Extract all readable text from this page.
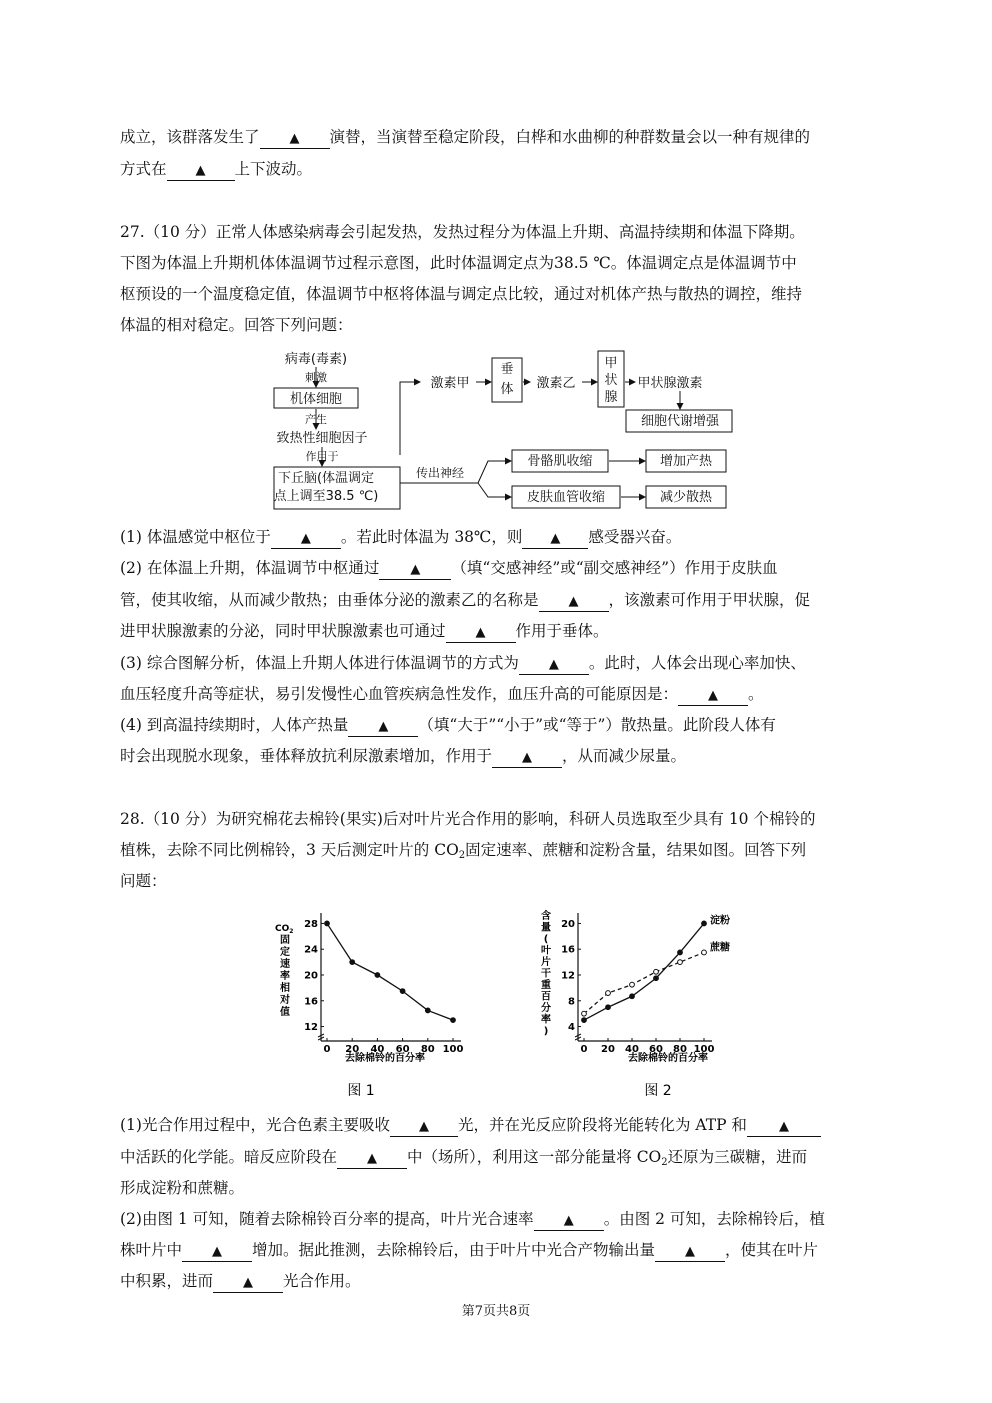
成立，该群落发生了 ▲ 演替，当演替至稳定阶段，白桦和水曲柳的种群数量会以一种有规律的
方式在 ▲ 上下波动。
27.（10 分）正常人体感染病毒会引起发热，发热过程分为体温上升期、高温持续期和体温下降期。
下图为体温上升期机体体温调节过程示意图，此时体温调定点为38.5 ℃。体温调定点是体温调节中
枢预设的一个温度稳定值，体温调节中枢将体温与调定点比较，通过对机体产热与散热的调控，维持
体温的相对稳定。回答下列问题：
病毒(毒素)
刺激
机体细胞
产生
致热性细胞因子
作用于
下丘脑(体温调定
点上调至38.5 ℃)
激素甲	激素乙	甲状腺激素
细胞代谢增强
传出神经
骨骼肌收缩	增加产热
皮肤血管收缩	减少散热
垂
体
甲
状
腺
(1) 体温感觉中枢位于 ▲ 。若此时体温为 38℃，则 ▲ 感受器兴奋。
(2) 在体温上升期，体温调节中枢通过 ▲ （填“交感神经”或“副交感神经”）作用于皮肤血
管，使其收缩，从而减少散热；由垂体分泌的激素乙的名称是 ▲ ，该激素可作用于甲状腺，促
进甲状腺激素的分泌，同时甲状腺激素也可通过 ▲ 作用于垂体。
(3) 综合图解分析，体温上升期人体进行体温调节的方式为 ▲ 。此时，人体会出现心率加快、
血压轻度升高等症状，易引发慢性心血管疾病急性发作，血压升高的可能原因是： ▲ 。
(4) 到高温持续期时，人体产热量 ▲ （填“大于”“小于”或“等于”）散热量。此阶段人体有
时会出现脱水现象，垂体释放抗利尿激素增加，作用于 ▲ ，从而减少尿量。
28.（10 分）为研究棉花去棉铃(果实)后对叶片光合作用的影响，科研人员选取至少具有 10 个棉铃的
植株，去除不同比例棉铃，3 天后测定叶片的 $CO_2$固定速率、蔗糖和淀粉含量，结果如图。回答下列
问题：
图 1
去除棉铃的百分率
$CO_2$
固定速率相对值
0 20 40 60 80 100
12
16
20
24
28
图 2
去除棉铃的百分率
含量(叶片干重百分率)
0 20 40 60 80 100
4
8
12
16
20	淀粉
蔗糖
(1)光合作用过程中，光合色素主要吸收 ▲ 光，并在光反应阶段将光能转化为 ATP 和 ▲
中活跃的化学能。暗反应阶段在 ▲ 中（场所），利用这一部分能量将 $CO_2$还原为三碳糖，进而
形成淀粉和蔗糖。
(2)由图 1 可知，随着去除棉铃百分率的提高，叶片光合速率 ▲ 。由图 2 可知，去除棉铃后，植
株叶片中 ▲ 增加。据此推测，去除棉铃后，由于叶片中光合产物输出量 ▲ ，使其在叶片
中积累，进而 ▲ 光合作用。
第7页共8页
